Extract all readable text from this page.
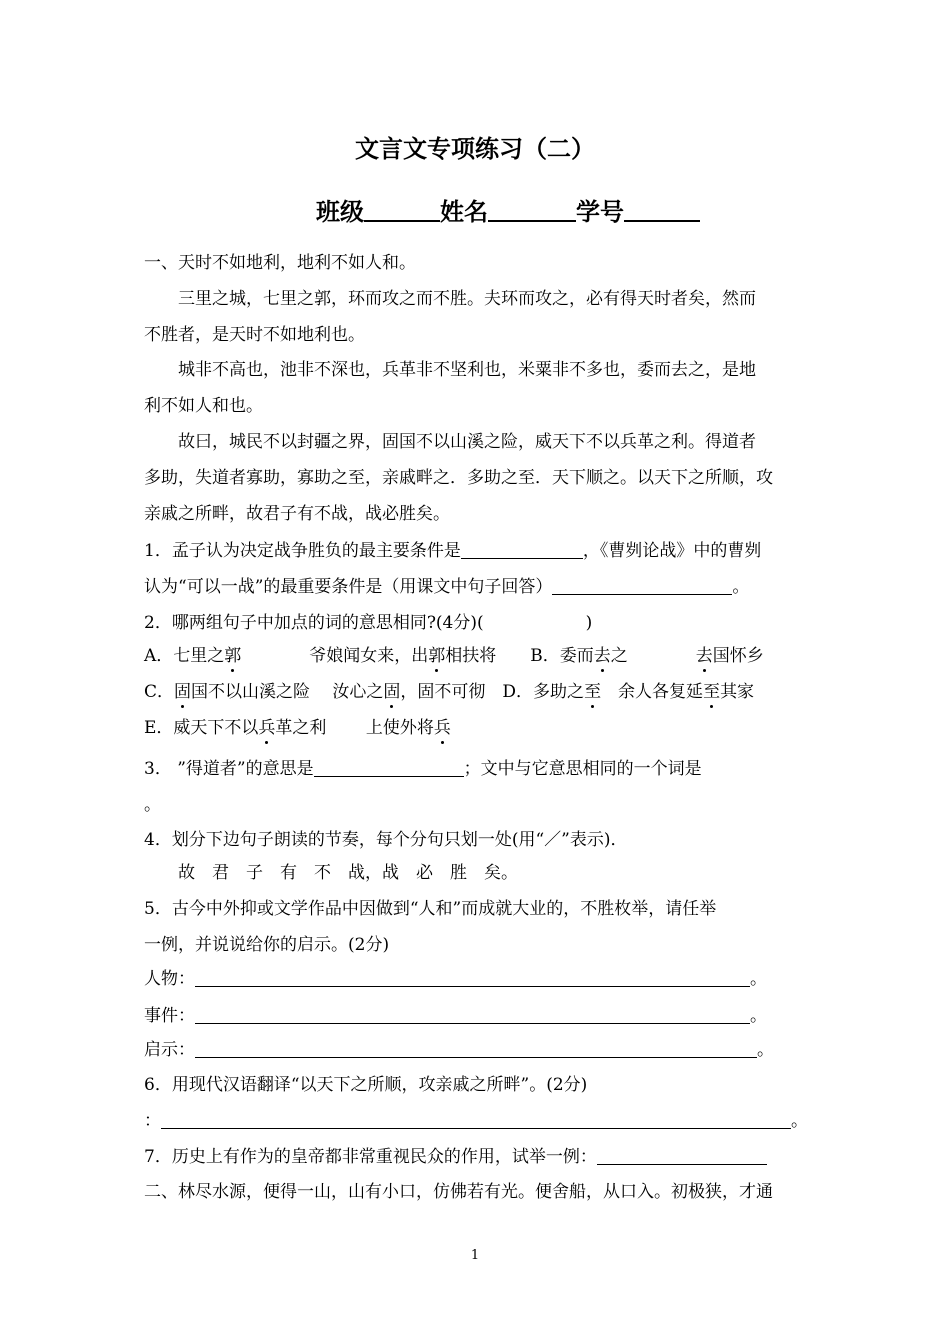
文言文专项练习（二）
班级	姓名	学号
一、天时不如地利，地利不如人和。
　　三里之城，七里之郭，环而攻之而不胜。夫环而攻之，必有得天时者矣，然而
不胜者，是天时不如地利也。
　　城非不高也，池非不深也，兵革非不坚利也，米粟非不多也，委而去之，是地
利不如人和也。
　　故曰，城民不以封疆之界，固国不以山溪之险，威天下不以兵革之利。得道者
多助，失道者寡助，寡助之至，亲戚畔之．多助之至．天下顺之。以天下之所顺，攻
亲戚之所畔，故君子有不战，战必胜矣。
1．孟子认为决定战争胜负的最主要条件是	，《曹刿论战》中的曹刿
认为“可以一战”的最重要条件是（用课文中句子回答）	。
2．哪两组句子中加点的词的意思相同?(4分)(　　　　　　)
A．七里之郭　　　　爷娘闻女来，出郭相扶将　　B．委而去之　　　　去国怀乡
C．固国不以山溪之险　 汝心之固，固不可彻　D．多助之至　余人各复延至其家
E．威天下不以兵革之利　　 上使外将兵
3． ”得道者”的意思是	；文中与它意思相同的一个词是
。
4．划分下边句子朗读的节奏，每个分句只划一处(用“／”表示)．
　　故　君　子　有　不　战，战　必　胜　矣。
5．古今中外抑或文学作品中因做到“人和”而成就大业的，不胜枚举，请任举
一例，并说说给你的启示。(2分)
人物：	。
事件：	。
启示：	。
6．用现代汉语翻译“以天下之所顺，攻亲戚之所畔”。(2分)
：	。
7．历史上有作为的皇帝都非常重视民众的作用，试举一例：
二、林尽水源，便得一山，山有小口，仿佛若有光。便舍船，从口入。初极狭，才通
1
